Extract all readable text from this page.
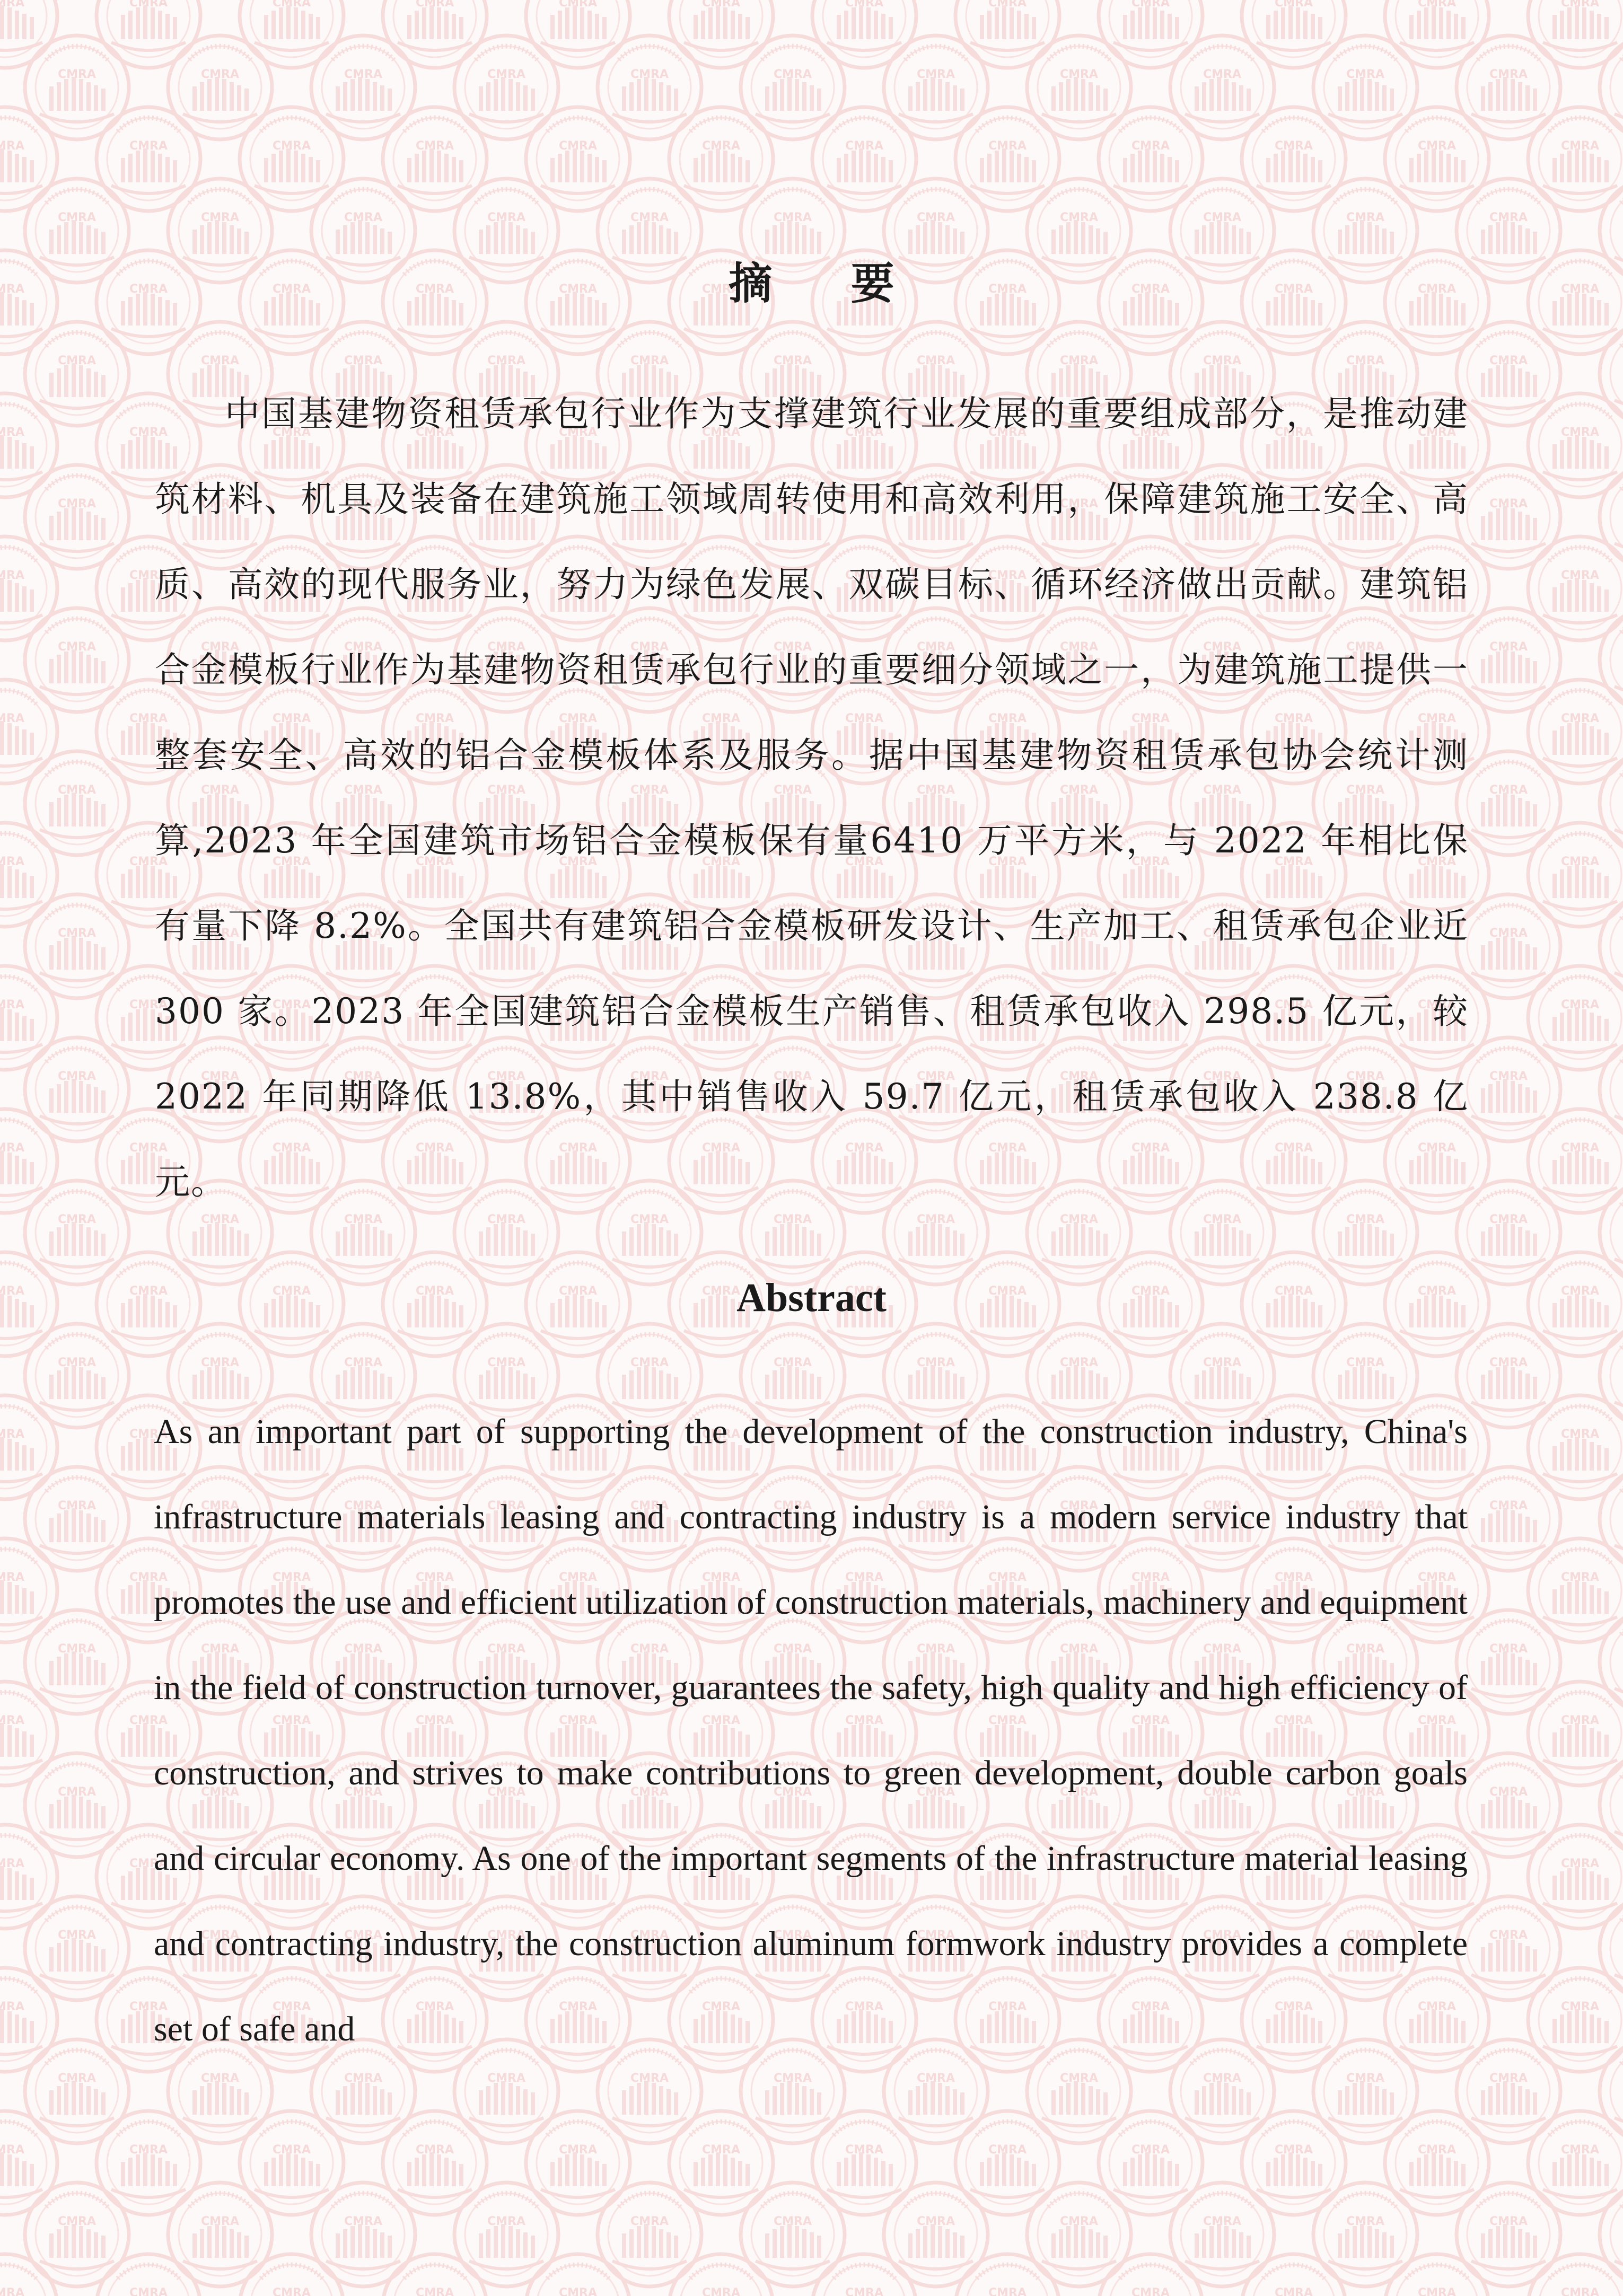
摘 要

中国基建物资租赁承包行业作为支撑建筑行业发展的重要组成部分，是推动建筑材料、机具及装备在建筑施工领域周转使用和高效利用，保障建筑施工安全、高质、高效的现代服务业，努力为绿色发展、双碳目标、循环经济做出贡献。建筑铝合金模板行业作为基建物资租赁承包行业的重要细分领域之一，为建筑施工提供一整套安全、高效的铝合金模板体系及服务。据中国基建物资租赁承包协会统计测算,2023 年全国建筑市场铝合金模板保有量6410 万平方米，与 2022 年相比保有量下降 8.2%。全国共有建筑铝合金模板研发设计、生产加工、租赁承包企业近 300 家。2023 年全国建筑铝合金模板生产销售、租赁承包收入 298.5 亿元，较 2022 年同期降低 13.8%，其中销售收入 59.7 亿元，租赁承包收入 238.8 亿元。

Abstract

As an important part of supporting the development of the construction industry, China's infrastructure materials leasing and contracting industry is a modern service industry that promotes the use and efficient utilization of construction materials, machinery and equipment in the field of construction turnover, guarantees the safety, high quality and high efficiency of construction, and strives to make contributions to green development, double carbon goals and circular economy. As one of the important segments of the infrastructure material leasing and contracting industry, the construction aluminum formwork industry provides a complete set of safe and
